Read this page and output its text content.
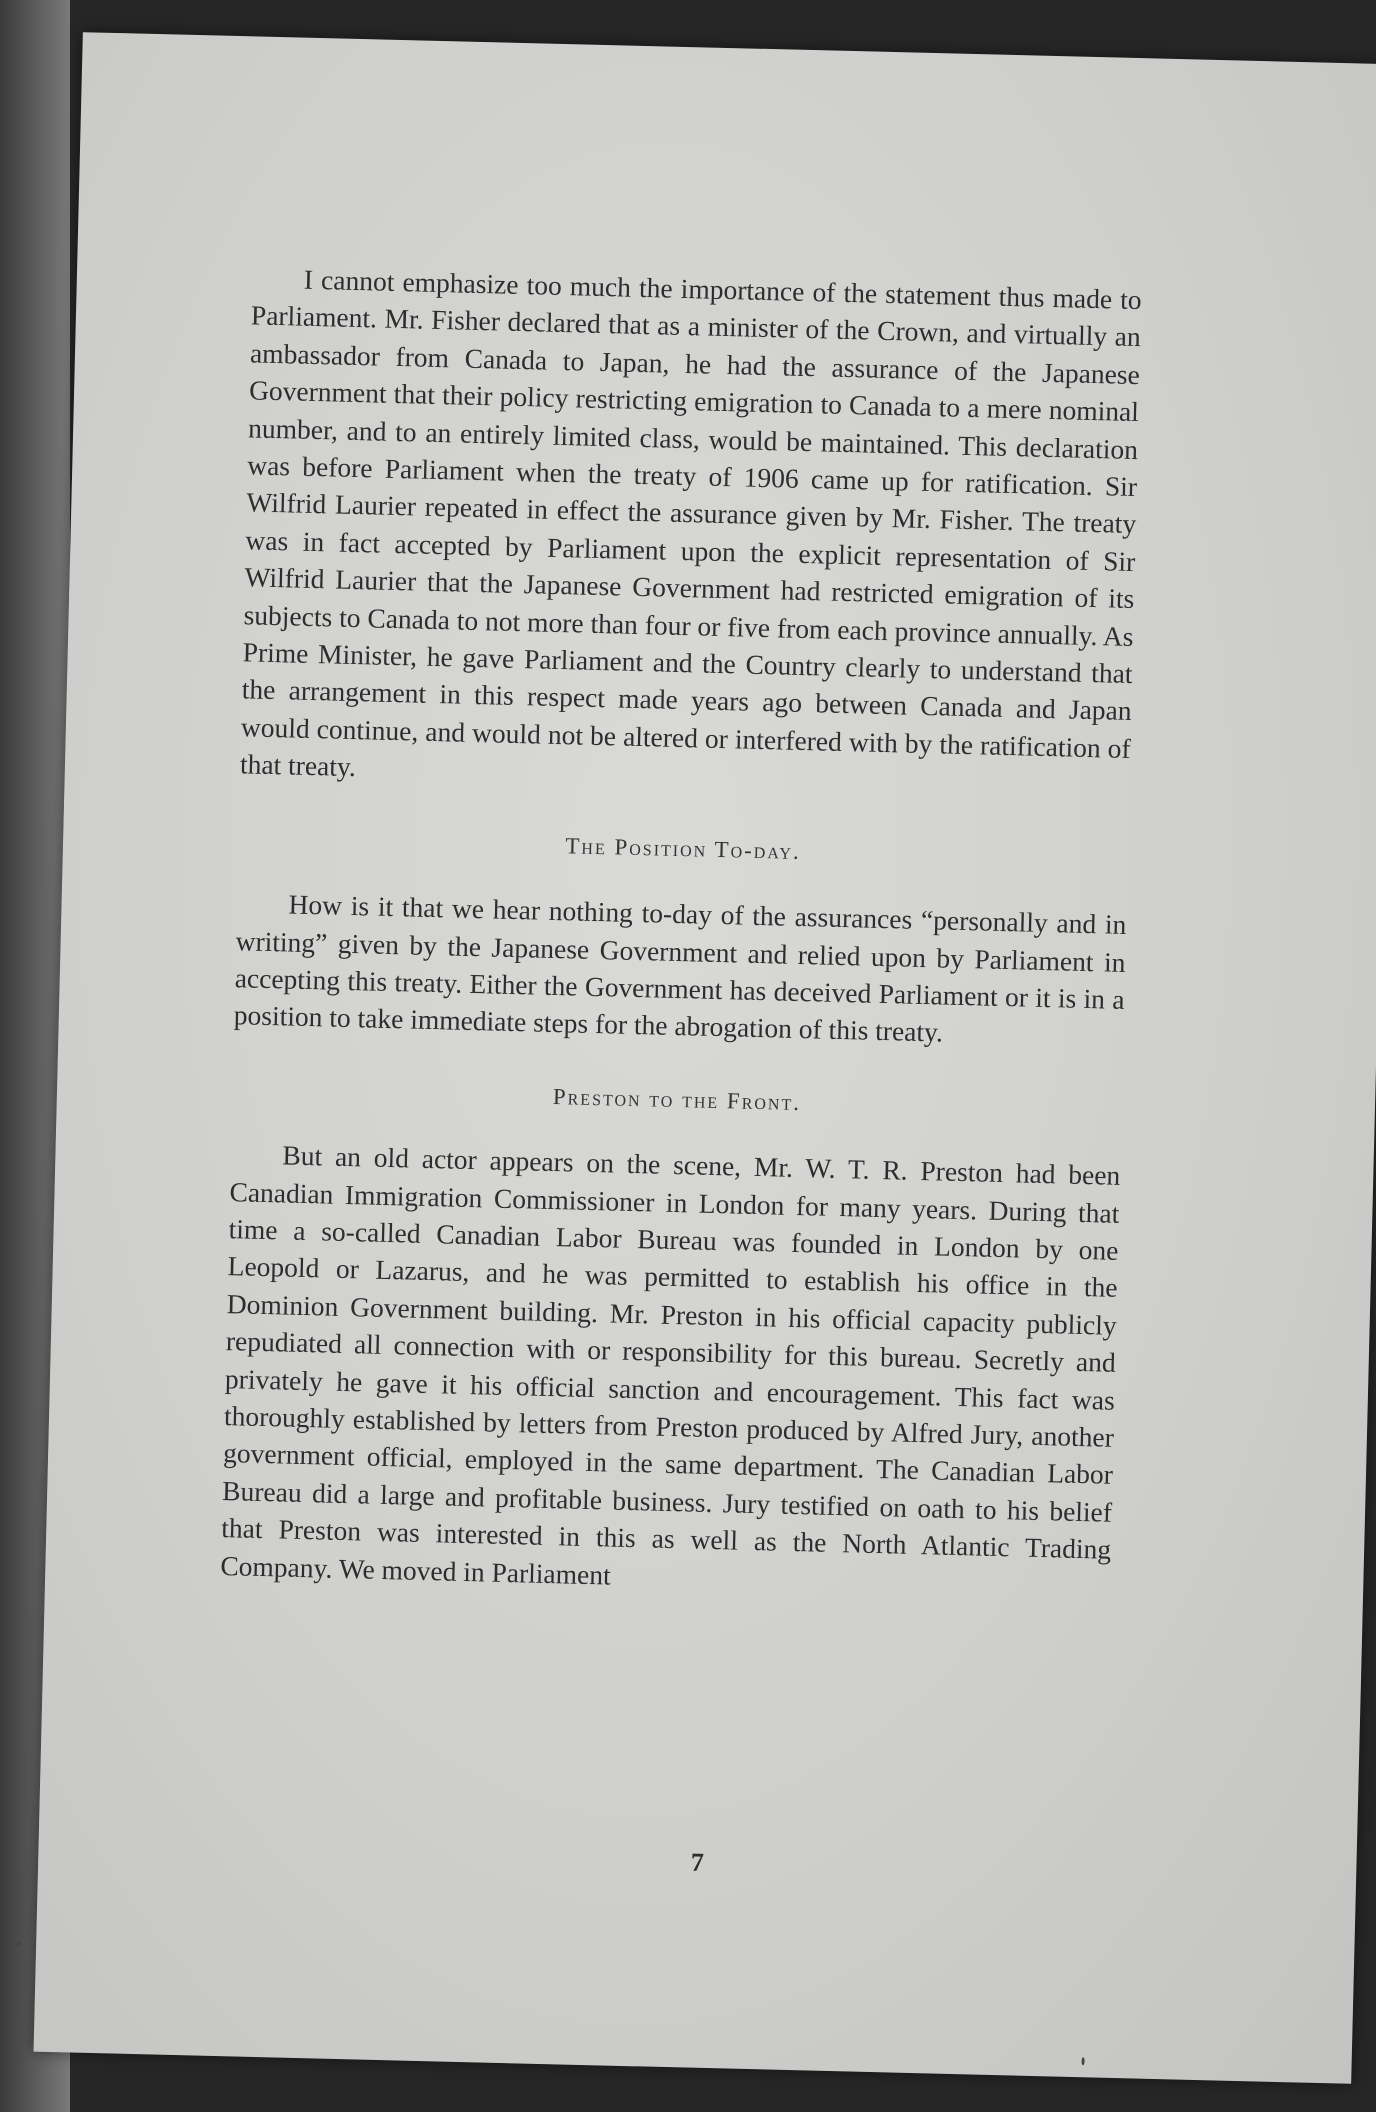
I cannot emphasize too much the importance of the statement thus made to Parliament. Mr. Fisher declared that as a minister of the Crown, and virtually an ambassador from Canada to Japan, he had the assurance of the Japanese Government that their policy restricting emigration to Canada to a mere nominal number, and to an entirely limited class, would be maintained. This declaration was before Parliament when the treaty of 1906 came up for ratification. Sir Wilfrid Laurier repeated in effect the assurance given by Mr. Fisher. The treaty was in fact accepted by Parliament upon the explicit representation of Sir Wilfrid Laurier that the Japanese Government had restricted emigration of its subjects to Canada to not more than four or five from each province annually. As Prime Minister, he gave Parliament and the Country clearly to understand that the arrangement in this respect made years ago between Canada and Japan would continue, and would not be altered or interfered with by the ratification of that treaty.

The Position To-day.

How is it that we hear nothing to-day of the assurances “personally and in writing” given by the Japanese Government and relied upon by Parliament in accepting this treaty. Either the Government has deceived Parliament or it is in a position to take immediate steps for the abrogation of this treaty.

Preston to the Front.

But an old actor appears on the scene, Mr. W. T. R. Preston had been Canadian Immigration Commissioner in London for many years. During that time a so-called Canadian Labor Bureau was founded in London by one Leopold or Lazarus, and he was permitted to establish his office in the Dominion Government building. Mr. Preston in his official capacity publicly repudiated all connection with or responsibility for this bureau. Secretly and privately he gave it his official sanction and encouragement. This fact was thoroughly established by letters from Preston produced by Alfred Jury, another government official, employed in the same department. The Canadian Labor Bureau did a large and profitable business. Jury testified on oath to his belief that Preston was interested in this as well as the North Atlantic Trading Company. We moved in Parliament

7
